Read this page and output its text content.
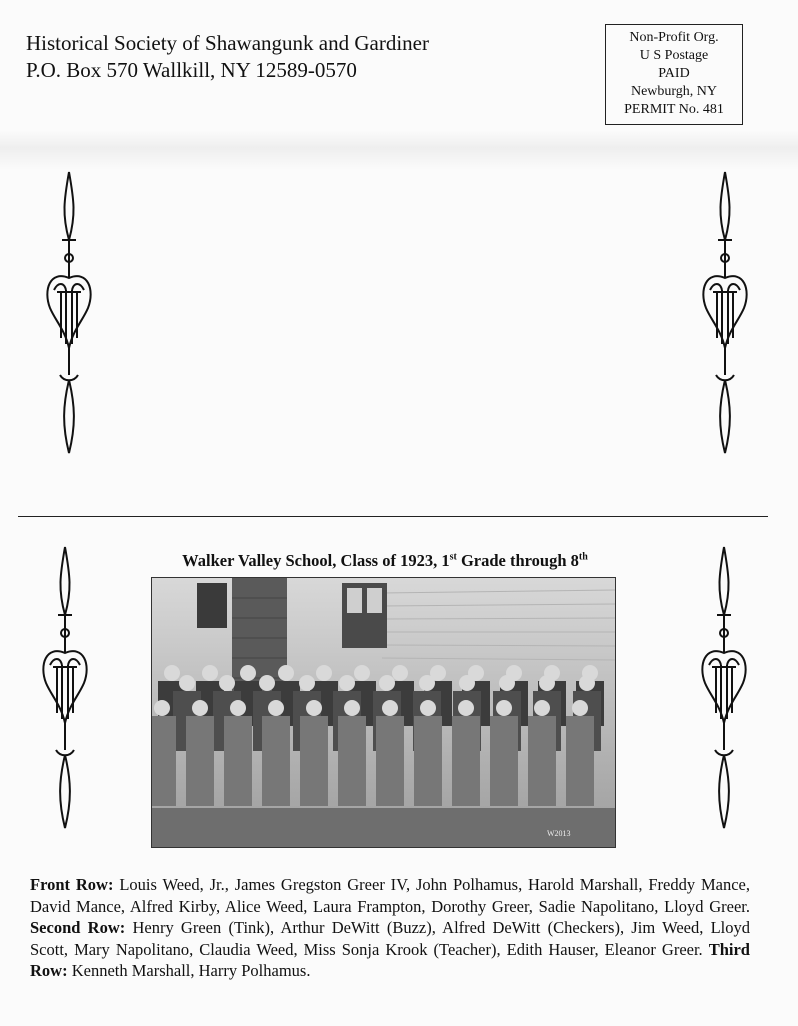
Historical Society of Shawangunk and Gardiner
P.O. Box 570 Wallkill, NY 12589-0570
Non-Profit Org.
U S Postage
PAID
Newburgh, NY
PERMIT No. 481
Walker Valley School, Class of 1923, 1st Grade through 8th
W2013
Front Row: Louis Weed, Jr., James Gregston Greer IV, John Polhamus, Harold Marshall, Freddy Mance, David Mance, Alfred Kirby, Alice Weed, Laura Frampton, Dorothy Greer, Sadie Napolitano, Lloyd Greer. Second Row: Henry Green (Tink), Arthur DeWitt (Buzz), Alfred DeWitt (Checkers), Jim Weed, Lloyd Scott, Mary Napolitano, Claudia Weed, Miss Sonja Krook (Teacher), Edith Hauser, Eleanor Greer. Third Row: Kenneth Marshall, Harry Polhamus.
